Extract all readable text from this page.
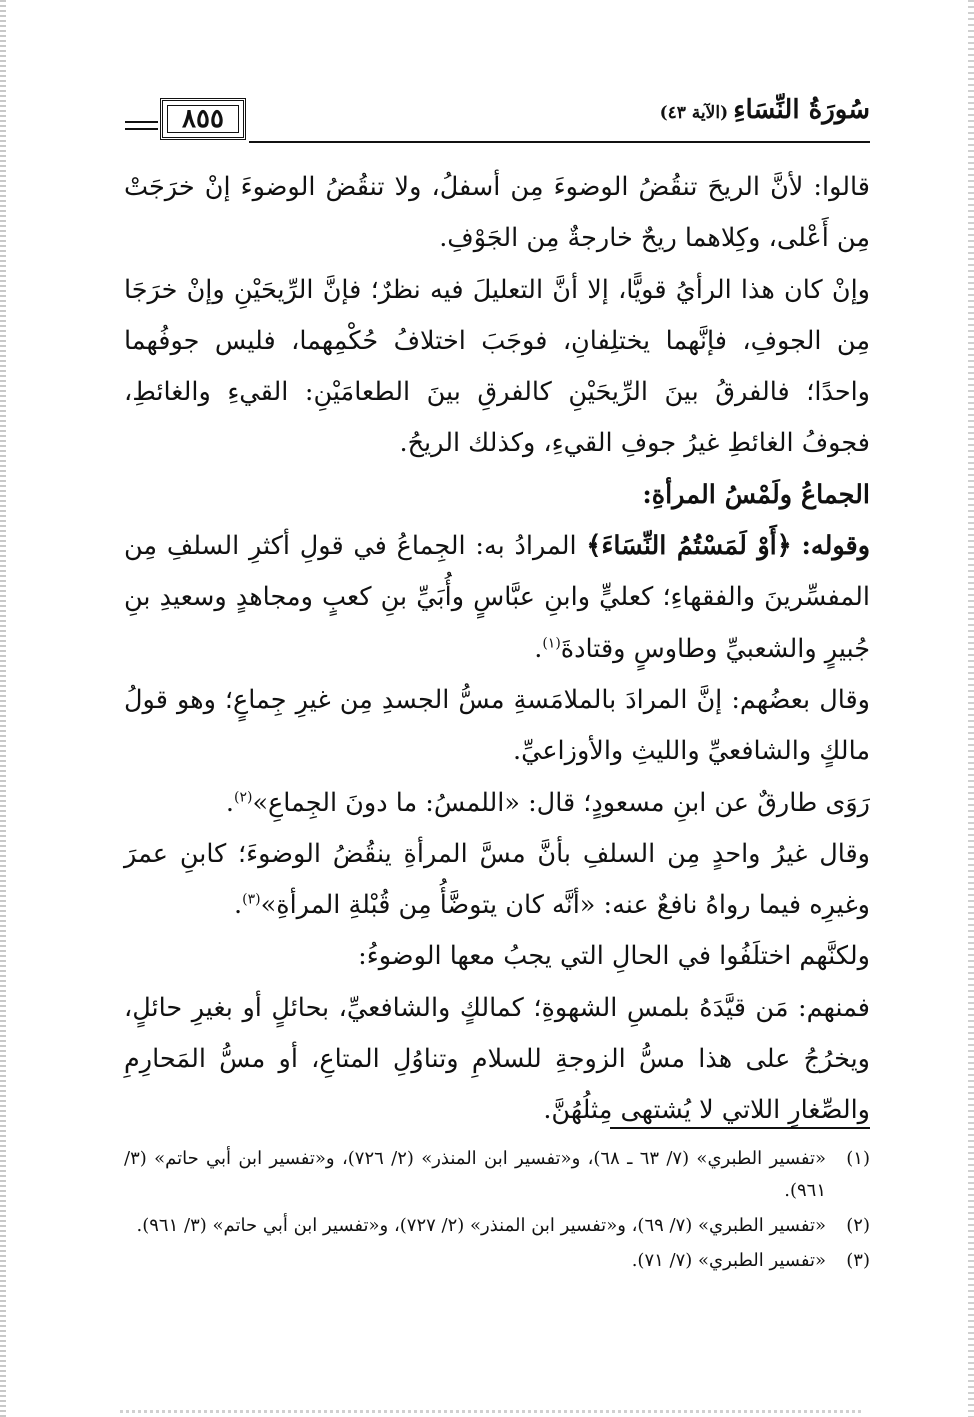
٨٥٥	سُورَةُ النِّسَاءِ (الآية ٤٣)

قالوا: لأنَّ الريحَ تنقُضُ الوضوءَ مِن أسفلُ، ولا تنقُضُ الوضوءَ إنْ خرَجَتْ مِن أَعْلى، وكِلاهما ريحٌ خارجةٌ مِن الجَوْفِ.

وإنْ كان هذا الرأيُ قويًّا، إلا أنَّ التعليلَ فيه نظرٌ؛ فإنَّ الرِّيحَيْنِ وإنْ خرَجَا مِن الجوفِ، فإنَّهما يختلِفانِ، فوجَبَ اختلافُ حُكْمِهما، فليس جوفُهما واحدًا؛ فالفرقُ بينَ الرِّيحَيْنِ كالفرقِ بينَ الطعامَيْنِ: القيءِ والغائطِ، فجوفُ الغائطِ غيرُ جوفِ القيءِ، وكذلك الريحُ.

الجماعُ ولَمْسُ المرأةِ:

وقوله: ﴿أَوْ لَمَسْتُمُ النِّسَاءَ﴾ المرادُ به: الجِماعُ في قولِ أكثرِ السلفِ مِن المفسِّرينَ والفقهاءِ؛ كعليٍّ وابنِ عبَّاسٍ وأُبَيِّ بنِ كعبٍ ومجاهدٍ وسعيدِ بنِ جُبيرٍ والشعبيِّ وطاوسٍ وقتادةَ$^{(١)}$.

وقال بعضُهم: إنَّ المرادَ بالملامَسةِ مسُّ الجسدِ مِن غيرِ جِماعٍ؛ وهو قولُ مالكٍ والشافعيِّ والليثِ والأوزاعيِّ.

رَوَى طارقٌ عن ابنِ مسعودٍ؛ قال: «اللمسُ: ما دونَ الجِماعِ»$^{(٢)}$.

وقال غيرُ واحدٍ مِن السلفِ بأنَّ مسَّ المرأةِ ينقُضُ الوضوءَ؛ كابنِ عمرَ وغيرِه فيما رواهُ نافعٌ عنه: «أنَّه كان يتوضَّأُ مِن قُبْلةِ المرأةِ»$^{(٣)}$.

ولكنَّهم اختلَفُوا في الحالِ التي يجبُ معها الوضوءُ:

فمنهم: مَن قيَّدَهُ بلمسِ الشهوةِ؛ كمالكٍ والشافعيِّ، بحائلٍ أو بغيرِ حائلٍ، ويخرُجُ على هذا مسُّ الزوجةِ للسلامِ وتناوُلِ المتاعِ، أو مسُّ المَحارِمِ والصِّغارِ اللاتي لا يُشتهى مِثلُهُنَّ.

(١)
«تفسير الطبري» (٧/ ٦٣ ـ ٦٨)، و«تفسير ابن المنذر» (٢/ ٧٢٦)، و«تفسير ابن أبي حاتم» (٣/ ٩٦١).
(٢)
«تفسير الطبري» (٧/ ٦٩)، و«تفسير ابن المنذر» (٢/ ٧٢٧)، و«تفسير ابن أبي حاتم» (٣/ ٩٦١).
(٣)
«تفسير الطبري» (٧/ ٧١).
